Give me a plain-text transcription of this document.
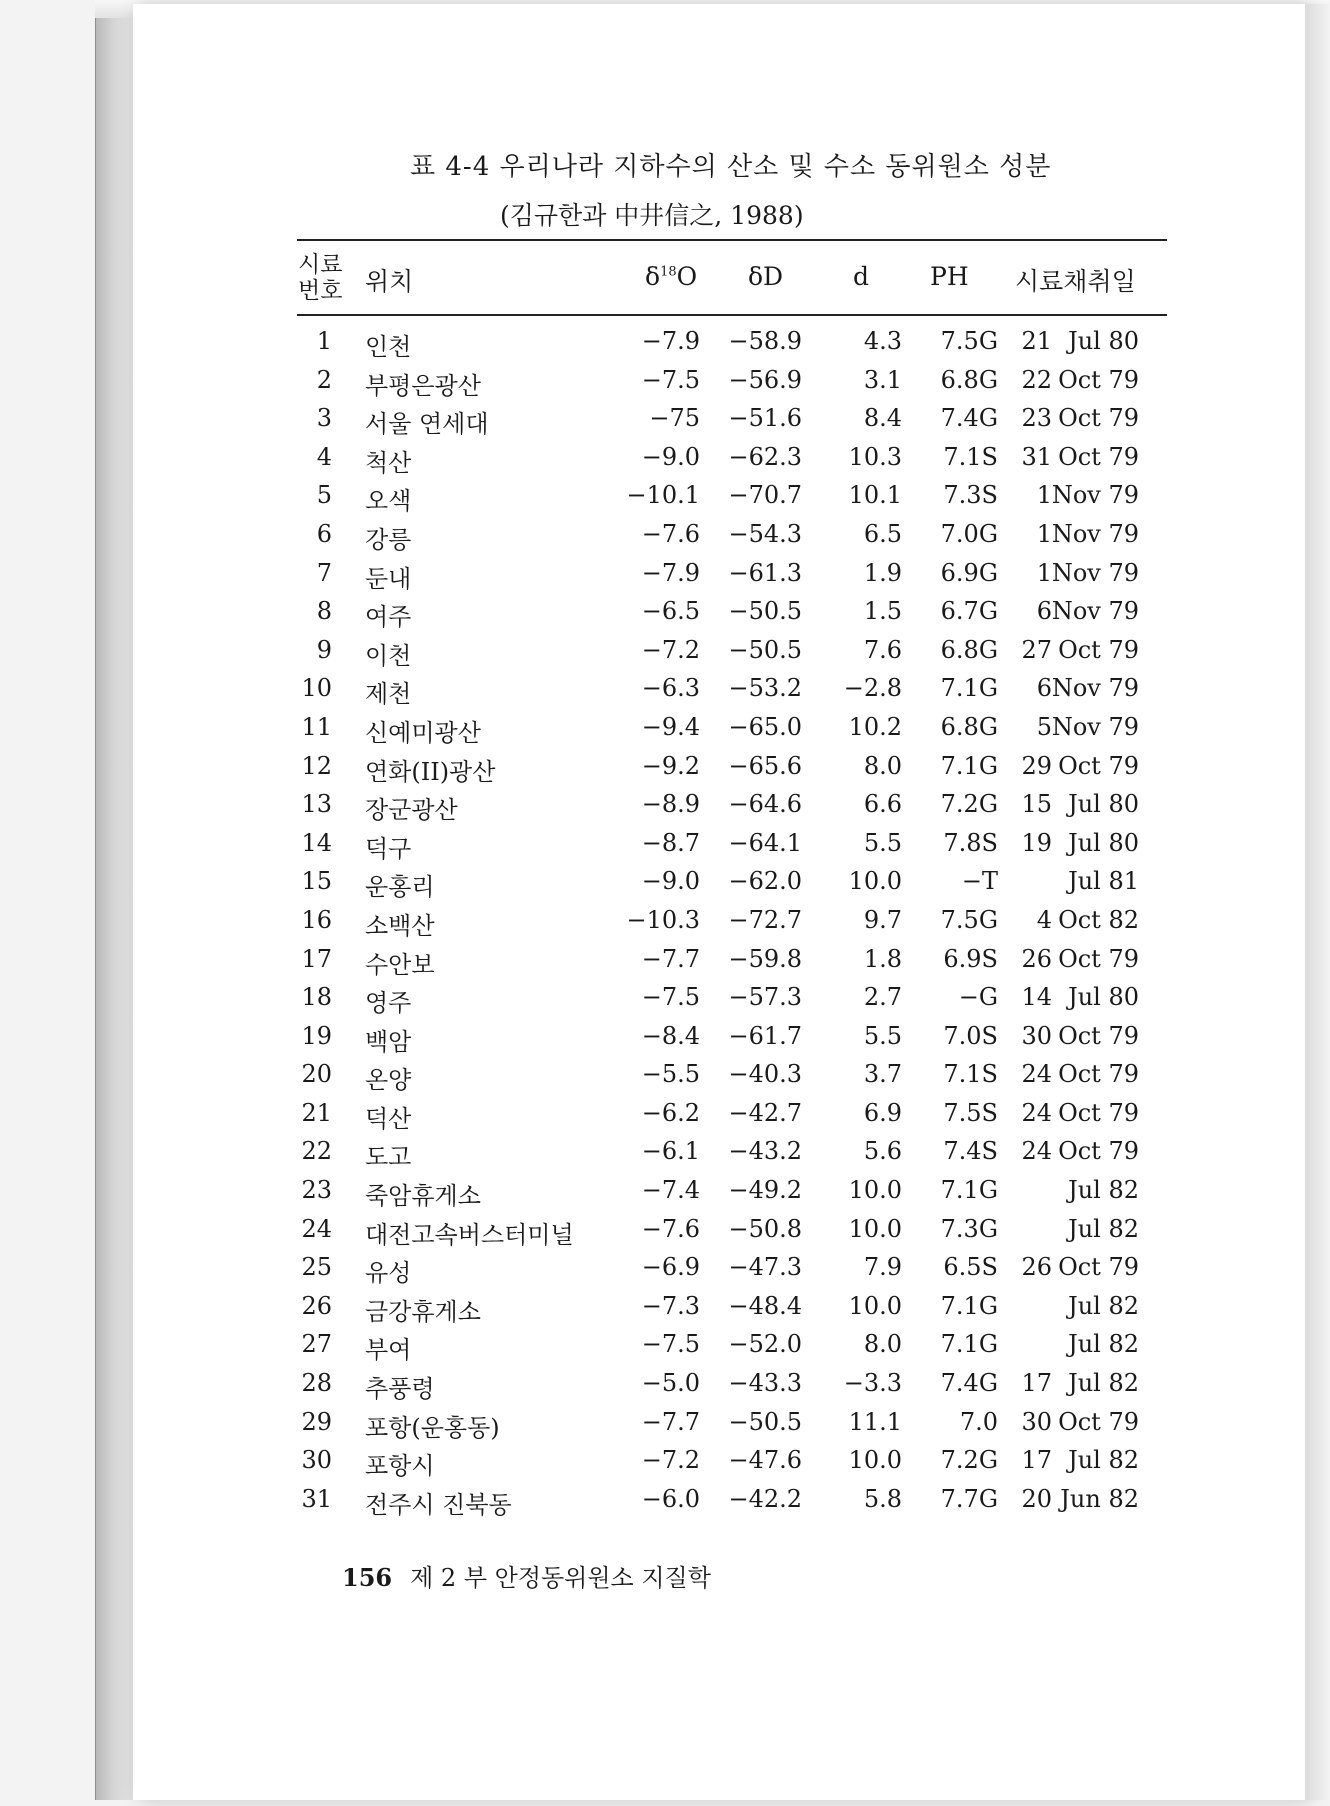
표 4-4 우리나라 지하수의 산소 및 수소 동위원소 성분
(김규한과 中井信之, 1988)
시료
번호 위치	$\delta^{18}O$ δD	d PH 시료채취일
1 인천	−7.9 −58.9	4.3 7.5G 21 Jul 80
2 부평은광산	−7.5 −56.9	3.1 6.8G 22 Oct 79
3 서울 연세대	−75 −51.6	8.4 7.4G 23 Oct 79
4 척산	−9.0 −62.3 10.3 7.1S 31 Oct 79
5 오색	−10.1 −70.7 10.1 7.3S 1 Nov 79
6 강릉	−7.6 −54.3	6.5 7.0G 1 Nov 79
7 둔내	−7.9 −61.3	1.9 6.9G 1 Nov 79
8 여주	−6.5 −50.5	1.5 6.7G 6 Nov 79
9 이천	−7.2 −50.5	7.6 6.8G 27 Oct 79
10 제천	−6.3 −53.2 −2.8 7.1G 6 Nov 79
11 신예미광산	−9.4 −65.0 10.2 6.8G 5 Nov 79
12 연화(II)광산	−9.2 −65.6	8.0 7.1G 29 Oct 79
13 장군광산	−8.9 −64.6	6.6 7.2G 15 Jul 80
14 덕구	−8.7 −64.1	5.5 7.8S 19 Jul 80
15 운홍리	−9.0 −62.0 10.0 −T	Jul 81
16 소백산	−10.3 −72.7	9.7 7.5G 4 Oct 82
17 수안보	−7.7 −59.8	1.8 6.9S 26 Oct 79
18 영주	−7.5 −57.3	2.7 −G 14 Jul 80
19 백암	−8.4 −61.7	5.5 7.0S 30 Oct 79
20 온양	−5.5 −40.3	3.7 7.1S 24 Oct 79
21 덕산	−6.2 −42.7	6.9 7.5S 24 Oct 79
22 도고	−6.1 −43.2	5.6 7.4S 24 Oct 79
23 죽암휴게소	−7.4 −49.2 10.0 7.1G	Jul 82
24 대전고속버스터미널	−7.6 −50.8 10.0 7.3G	Jul 82
25 유성	−6.9 −47.3	7.9 6.5S 26 Oct 79
26 금강휴게소	−7.3 −48.4 10.0 7.1G	Jul 82
27 부여	−7.5 −52.0	8.0 7.1G	Jul 82
28 추풍령	−5.0 −43.3 −3.3 7.4G 17 Jul 82
29 포항(운홍동)	−7.7 −50.5 11.1 7.0 30 Oct 79
30 포항시	−7.2 −47.6 10.0 7.2G 17 Jul 82
31 전주시 진북동	−6.0 −42.2	5.8 7.7G 20 Jun 82
156 제 2 부 안정동위원소 지질학
